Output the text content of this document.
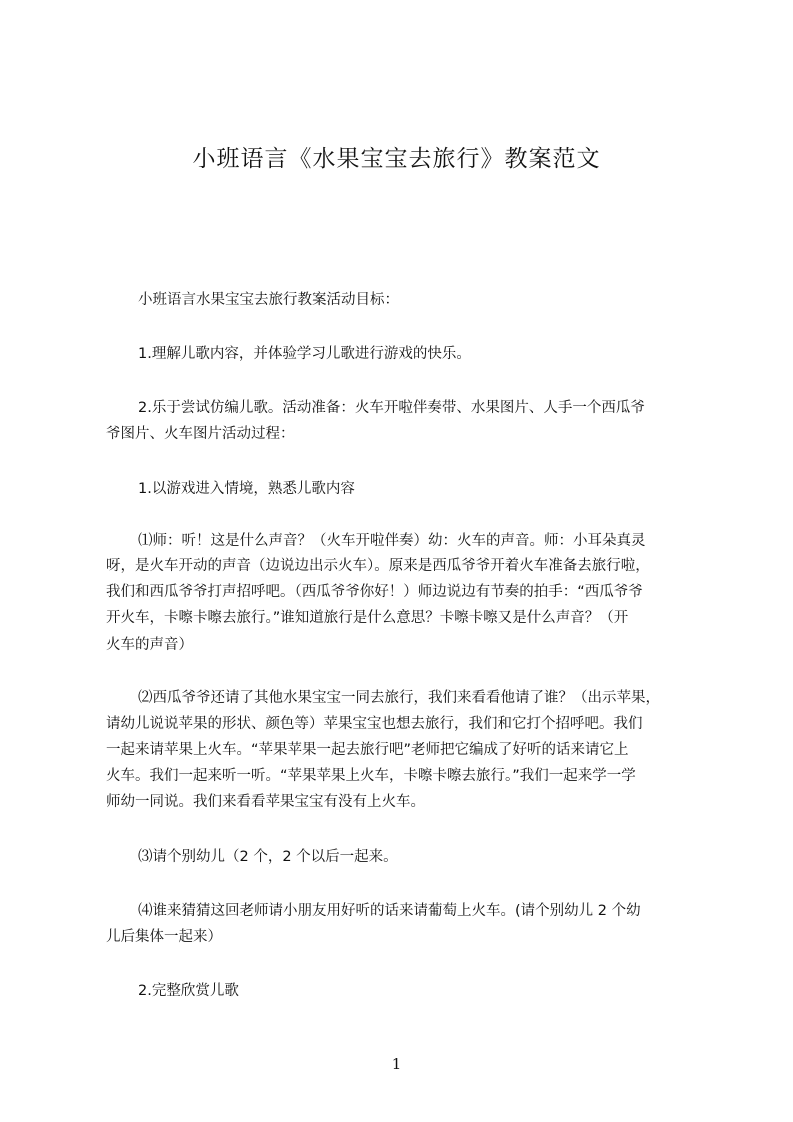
小班语言《水果宝宝去旅行》教案范文
小班语言水果宝宝去旅行教案活动目标：
1.理解儿歌内容，并体验学习儿歌进行游戏的快乐。
2.乐于尝试仿编儿歌。活动准备：火车开啦伴奏带、水果图片、人手一个西瓜爷
爷图片、火车图片活动过程：
1.以游戏进入情境，熟悉儿歌内容
⑴师：听！这是什么声音？（火车开啦伴奏）幼：火车的声音。师：小耳朵真灵
呀，是火车开动的声音（边说边出示火车）。原来是西瓜爷爷开着火车准备去旅行啦，
我们和西瓜爷爷打声招呼吧。（西瓜爷爷你好！）师边说边有节奏的拍手：“西瓜爷爷
开火车，卡嚓卡嚓去旅行。”谁知道旅行是什么意思？卡嚓卡嚓又是什么声音？（开
火车的声音）
⑵西瓜爷爷还请了其他水果宝宝一同去旅行，我们来看看他请了谁？（出示苹果，
请幼儿说说苹果的形状、颜色等）苹果宝宝也想去旅行，我们和它打个招呼吧。我们
一起来请苹果上火车。“苹果苹果一起去旅行吧”老师把它编成了好听的话来请它上
火车。我们一起来听一听。“苹果苹果上火车，卡嚓卡嚓去旅行。”我们一起来学一学
师幼一同说。我们来看看苹果宝宝有没有上火车。
⑶请个别幼儿（2 个，2 个以后一起来。
⑷谁来猜猜这回老师请小朋友用好听的话来请葡萄上火车。(请个别幼儿 2 个幼
儿后集体一起来）
2.完整欣赏儿歌
1
